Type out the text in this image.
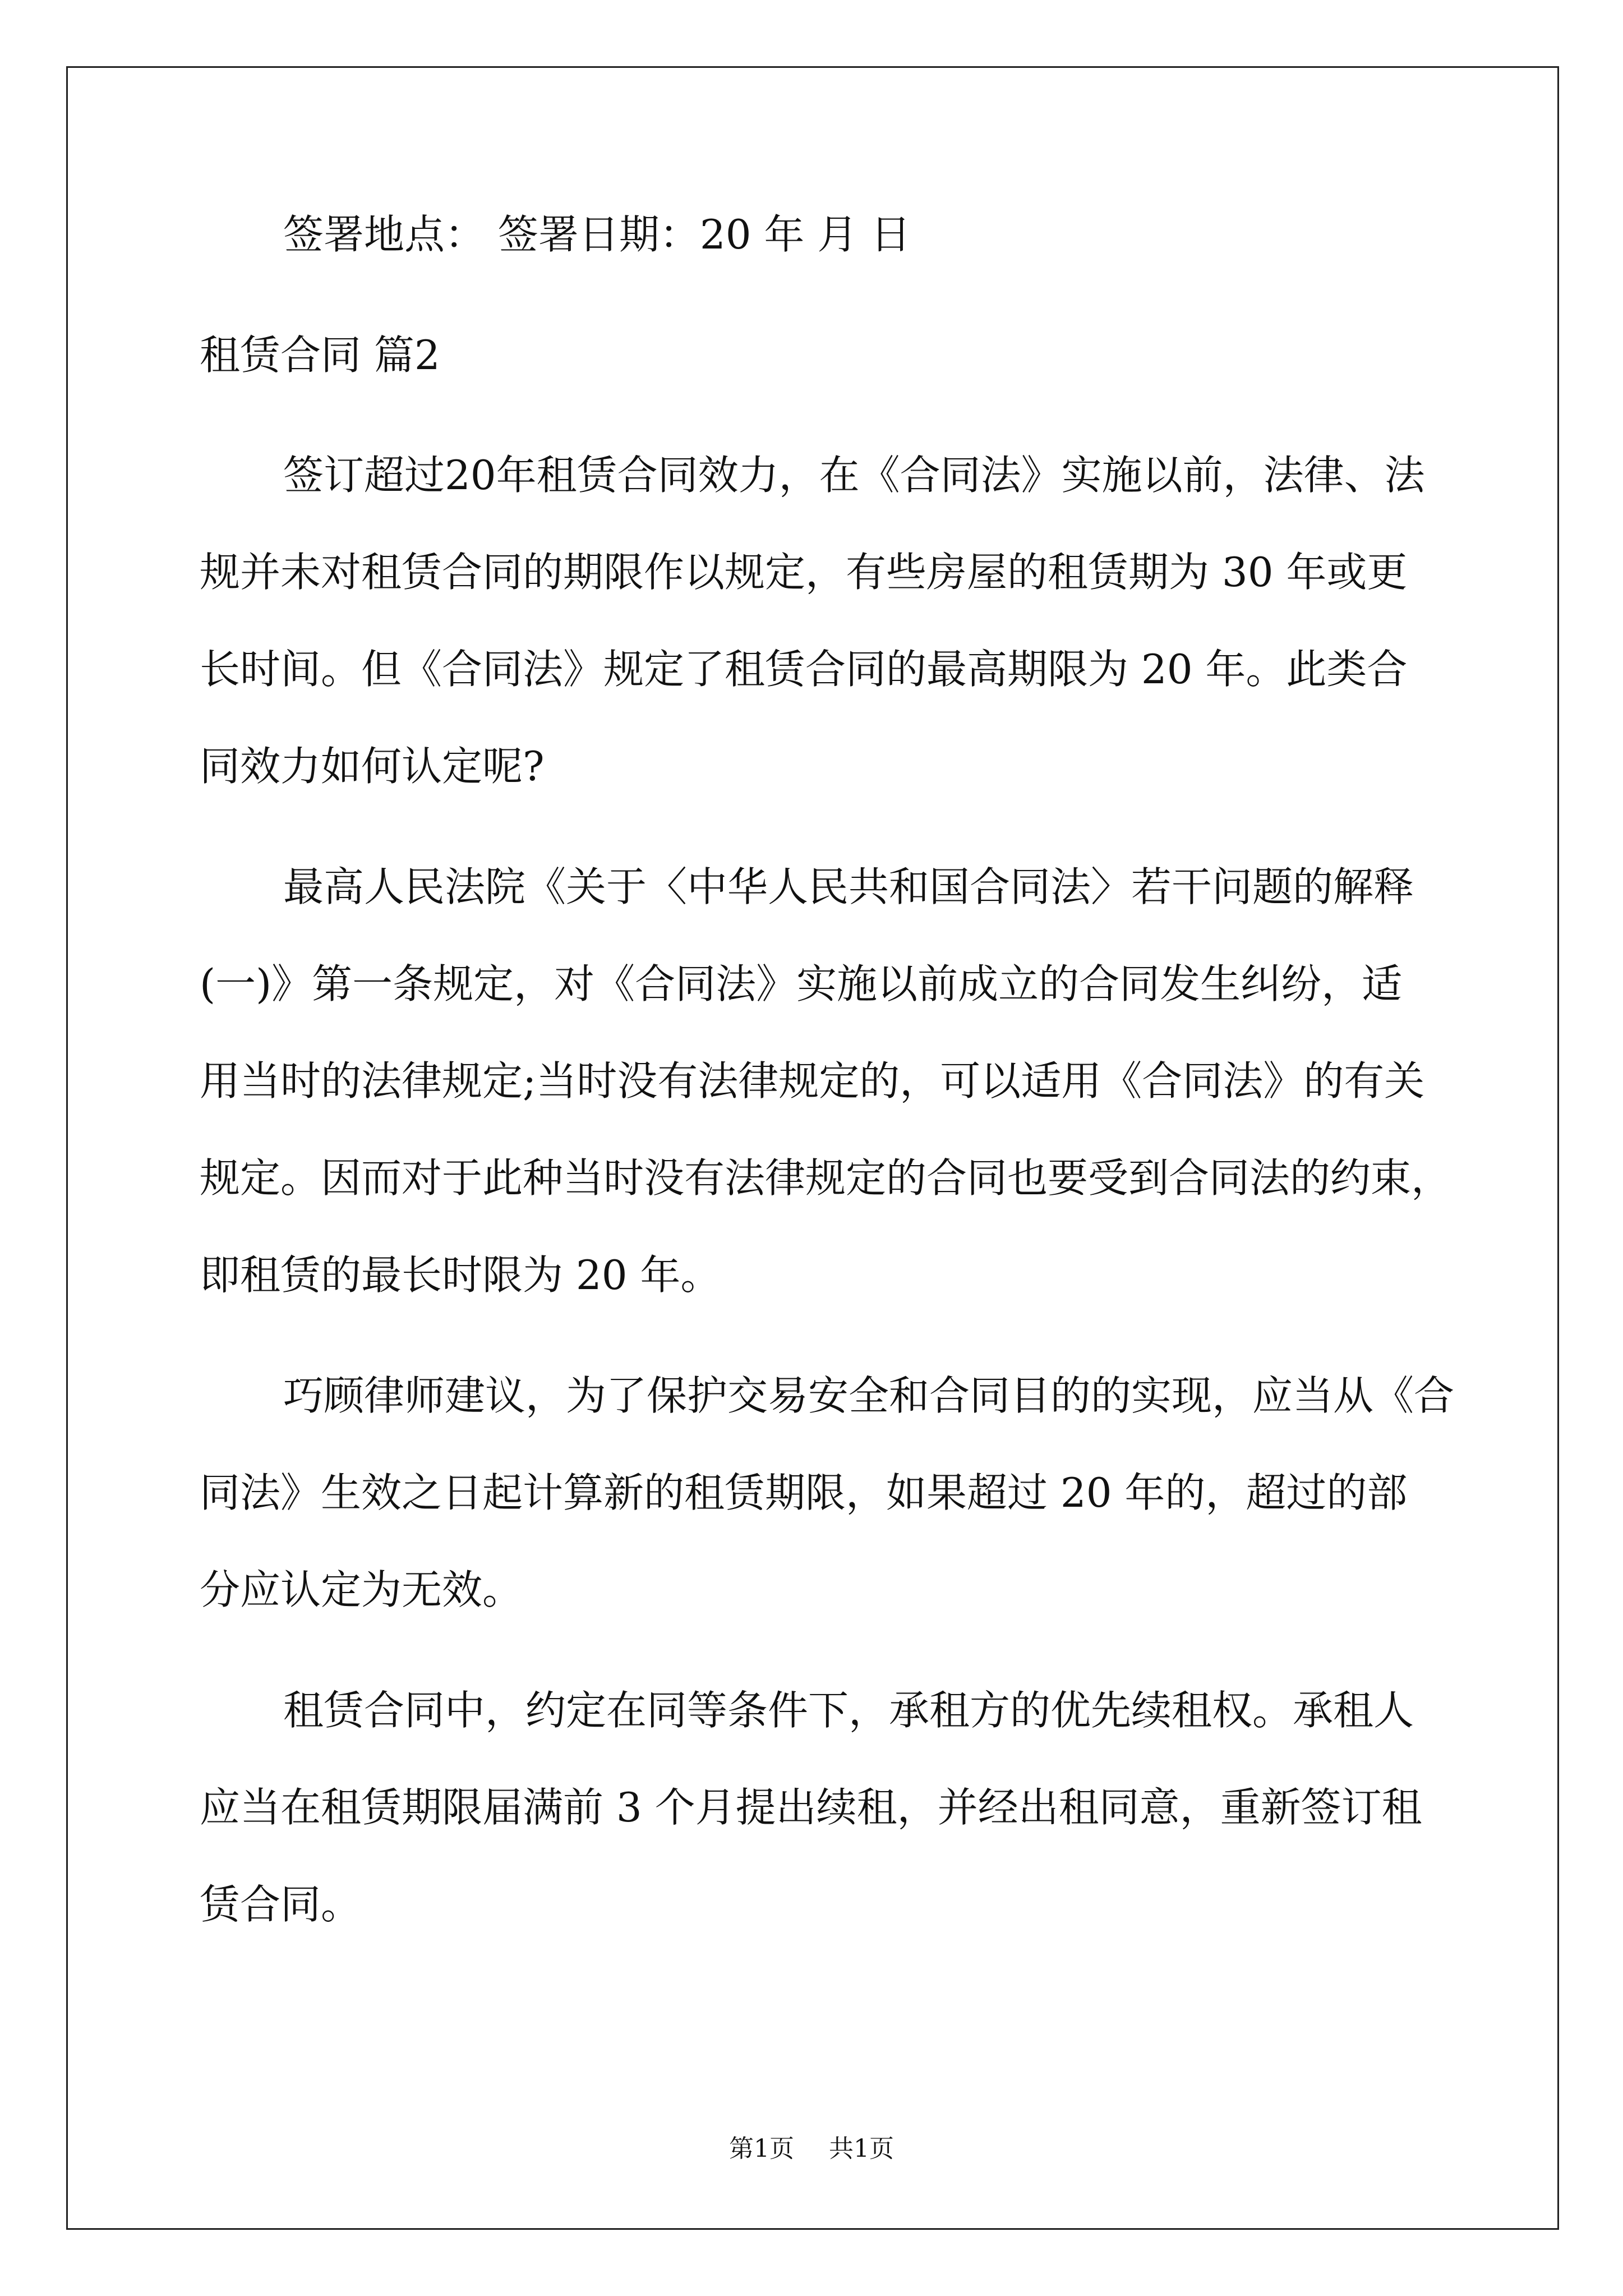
签署地点： 签署日期：20 年 月 日

租赁合同 篇2

签订超过20年租赁合同效力，在《合同法》实施以前，法律、法

规并未对租赁合同的期限作以规定，有些房屋的租赁期为 30 年或更

长时间。但《合同法》规定了租赁合同的最高期限为 20 年。此类合

同效力如何认定呢?

最高人民法院《关于〈中华人民共和国合同法〉若干问题的解释

(一)》第一条规定，对《合同法》实施以前成立的合同发生纠纷，适

用当时的法律规定;当时没有法律规定的，可以适用《合同法》的有关

规定。因而对于此种当时没有法律规定的合同也要受到合同法的约束，

即租赁的最长时限为 20 年。

巧顾律师建议，为了保护交易安全和合同目的的实现，应当从《合

同法》生效之日起计算新的租赁期限，如果超过 20 年的，超过的部

分应认定为无效。

租赁合同中，约定在同等条件下，承租方的优先续租权。承租人

应当在租赁期限届满前 3 个月提出续租，并经出租同意，重新签订租

赁合同。

第1页 共1页
